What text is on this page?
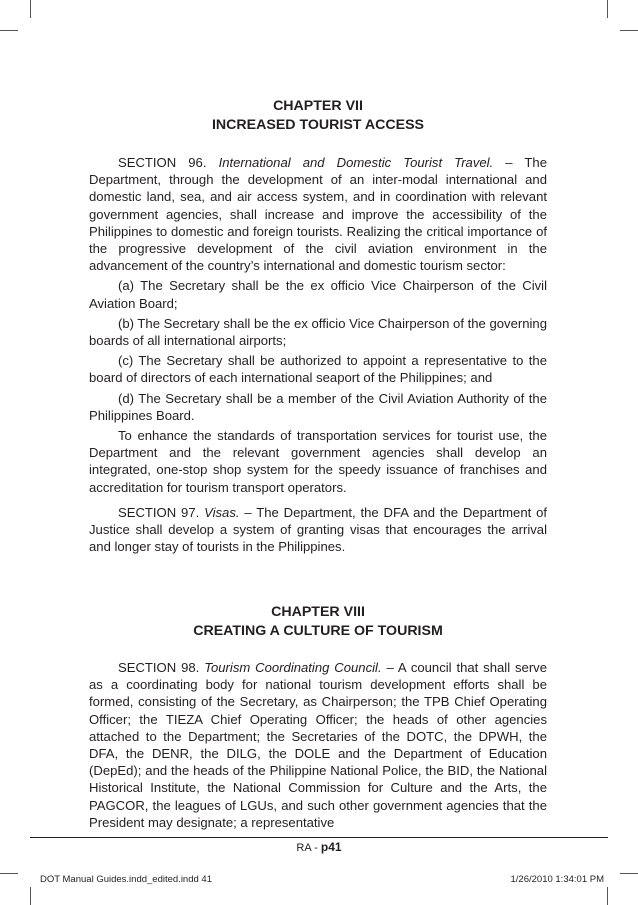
CHAPTER VII
INCREASED TOURIST ACCESS

SECTION 96. International and Domestic Tourist Travel. – The Department, through the development of an inter-modal international and domestic land, sea, and air access system, and in coordination with relevant government agencies, shall increase and improve the accessibility of the Philippines to domestic and foreign tourists. Realizing the critical importance of the progressive development of the civil aviation environment in the advancement of the country’s international and domestic tourism sector:

(a) The Secretary shall be the ex officio Vice Chairperson of the Civil Aviation Board;

(b) The Secretary shall be the ex officio Vice Chairperson of the governing boards of all international airports;

(c) The Secretary shall be authorized to appoint a representative to the board of directors of each international seaport of the Philippines; and

(d) The Secretary shall be a member of the Civil Aviation Authority of the Philippines Board.

To enhance the standards of transportation services for tourist use, the Department and the relevant government agencies shall develop an integrated, one-stop shop system for the speedy issuance of franchises and accreditation for tourism transport operators.

SECTION 97. Visas. – The Department, the DFA and the Department of Justice shall develop a system of granting visas that encourages the arrival and longer stay of tourists in the Philippines.

CHAPTER VIII
CREATING A CULTURE OF TOURISM

SECTION 98. Tourism Coordinating Council. – A council that shall serve as a coordinating body for national tourism development efforts shall be formed, consisting of the Secretary, as Chairperson; the TPB Chief Operating Officer; the TIEZA Chief Operating Officer; the heads of other agencies attached to the Department; the Secretaries of the DOTC, the DPWH, the DFA, the DENR, the DILG, the DOLE and the Department of Education (DepEd); and the heads of the Philippine National Police, the BID, the National Historical Institute, the National Commission for Culture and the Arts, the PAGCOR, the leagues of LGUs, and such other government agencies that the President may designate; a representative

RA - p41
DOT Manual Guides.indd_edited.indd 41	1/26/2010 1:34:01 PM
